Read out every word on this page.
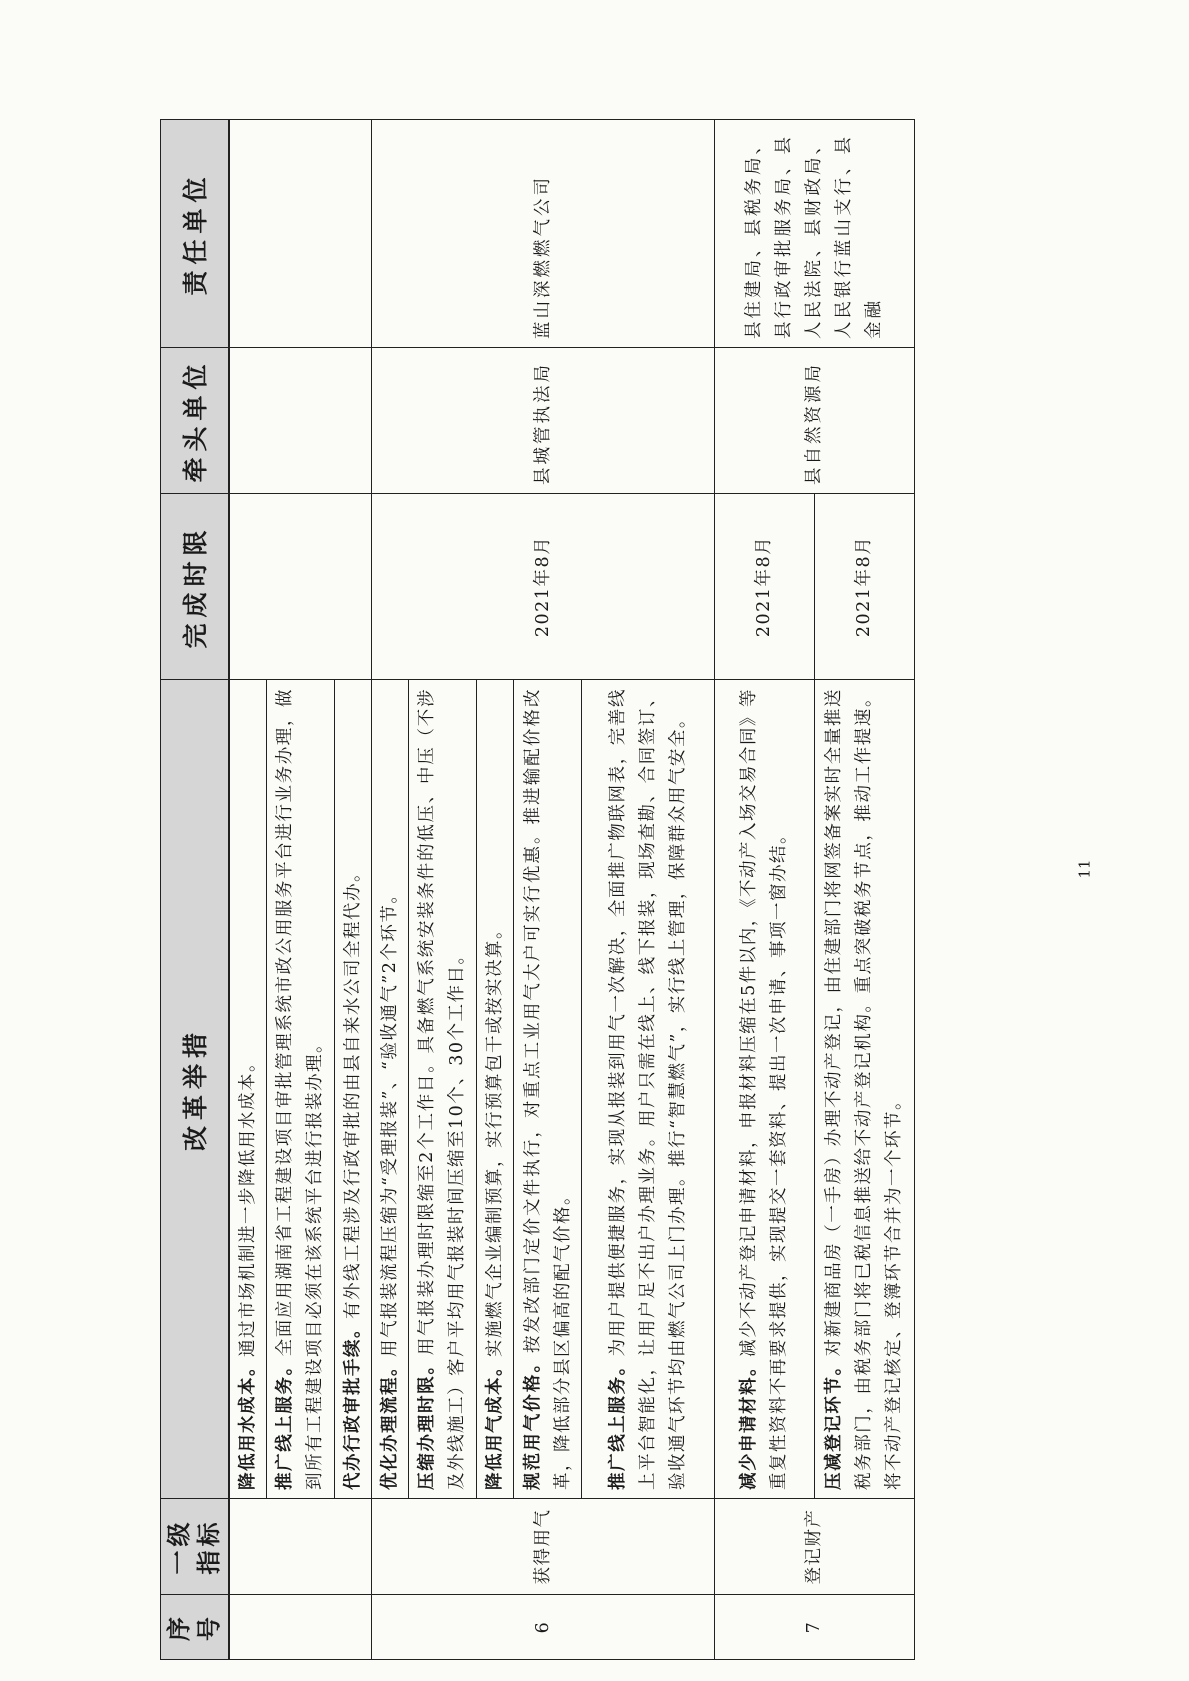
序号	一级指标	改革举措	完成时限	牵头单位	责任单位
		降低用水成本。通过市场机制进一步降低用水成本。			
		推广线上服务。全面应用湖南省工程建设项目审批管理系统市政公用服务平台进行业务办理，做到所有工程建设项目必须在该系统平台进行报装办理。			
		代办行政审批手续。有外线工程涉及行政审批的由县自来水公司全程代办。			
6	获得用气	优化办理流程。用气报装流程压缩为“受理报装”、“验收通气”2个环节。	2021年8月	县城管执法局	蓝山深燃燃气公司
		压缩办理时限。用气报装办理时限缩至2个工作日。具备燃气系统安装条件的低压、中压（不涉及外线施工）客户平均用气报装时间压缩至10个、30个工作日。			
		降低用气成本。实施燃气企业编制预算，实行预算包干或按实决算。			
		规范用气价格。按发改部门定价文件执行，对重点工业用气大户可实行优惠。推进输配价格改革，降低部分县区偏高的配气价格。			
		推广线上服务。为用户提供便捷服务，实现从报装到用气一次解决，全面推广物联网表，完善线上平台智能化，让用户足不出户办理业务。用户只需在线上、线下报装，现场查勘、合同签订、验收通气环节均由燃气公司上门办理。推行“智慧燃气”，实行线上管理，保障群众用气安全。			
7	登记财产	减少申请材料。减少不动产登记申请材料，申报材料压缩在5件以内，《不动产入场交易合同》等重复性资料不再要求提供，实现提交一套资料、提出一次申请、事项一窗办结。	2021年8月	县自然资源局	县住建局、县税务局、县行政审批服务局、县人民法院、县财政局、人民银行蓝山支行、县金融
		压减登记环节。对新建商品房（一手房）办理不动产登记，由住建部门将网签备案实时全量推送税务部门，由税务部门将已税信息推送给不动产登记机构。重点突破税务节点，推动工作提速。将不动产登记核定、登簿环节合并为一个环节。	2021年8月		
11
